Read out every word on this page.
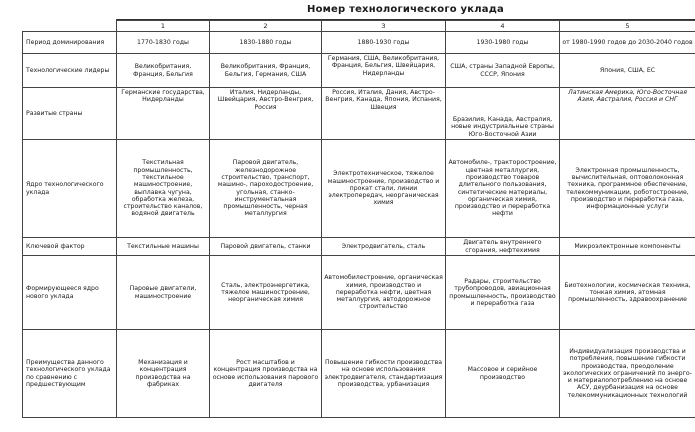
Номер технологического уклада
	1	2	3	4	5
Период доминирования	1770-1830 годы	1830-1880 годы	1880-1930 годы	1930-1980 годы	от 1980-1990 годов до 2030-2040 годов
Технологические лидеры	Великобритания, Франция, Бельгия	Великобритания, Франция, Бельгия, Германия, США	Германия, США, Великобритания, Франция, Бельгия, Швейцария, Нидерланды	США, страны Западной Европы, СССР, Япония	Япония, США, ЕС
Развитые страны	Германские государства, Нидерланды	Италия, Нидерланды, Швейцария, Австро-Венгрия, Россия	Россия, Италия, Дания, Австро-Венгрия, Канада, Япония, Испания, Швеция	Бразилия, Канада, Австралия, новые индустриальные страны Юго-Восточной Азии	Латинская Америка, Юго-Восточная Азия, Австралия, Россия и СНГ
Ядро технологического уклада	Текстильная промышленность, текстильное машиностроение, выплавка чугуна, обработка железа, строительство каналов, водяной двигатель	Паровой двигатель, железнодорожное строительство, транспорт, машино-, пароходостроение, угольная, станко-инструментальная промышленность, черная металлургия	Электротехническое, тяжелое машиностроение, производство и прокат стали, линии электропередач, неорганическая химия	Автомобиле-, тракторостроение, цветная металлургия, производство товаров длительного пользования, синтетические материалы, органическая химия, производство и переработка нефти	Электронная промышленность, вычислительная, оптоволоконная техника, программное обеспечение, телекоммуникации, роботостроение, производство и переработка газа, информационные услуги
Ключевой фактор	Текстильные машины	Паровой двигатель, станки	Электродвигатель, сталь	Двигатель внутреннего сгорания, нефтехимия	Микроэлектронные компоненты
Формирующееся ядро нового уклада	Паровые двигатели, машиностроение	Сталь, электроэнергетика, тяжелое машиностроение, неорганическая химия	Автомобилестроение, органическая химия, производство и переработка нефти, цветная металлургия, автодорожное строительство	Радары, строительство трубопроводов, авиационная промышленность, производство и переработка газа	Биотехнологии, космическая техника, тонкая химия, атомная промышленность, здравоохранение
Преимущества данного технологического уклада по сравнению с предшествующим	Механизация и концентрация производства на фабриках	Рост масштабов и концентрация производства на основе использования парового двигателя	Повышение гибкости производства на основе использования электродвигателя, стандартизация производства, урбанизация	Массовое и серийное производство	Индивидуализация производства и потребления, повышение гибкости производства, преодоление экологических ограничений по энерго- и материалопотреблению на основе АСУ, деурбанизация на основе телекоммуникационных технологий
